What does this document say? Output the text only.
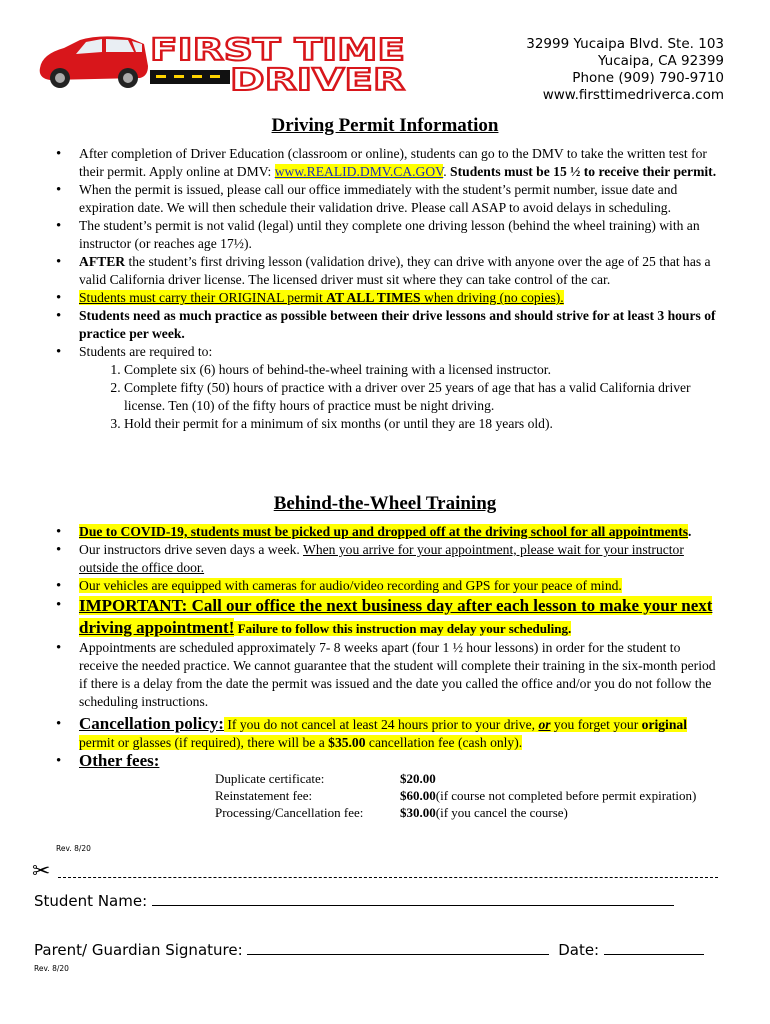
FIRST TIME
DRIVER
32999 Yucaipa Blvd. Ste. 103
Yucaipa, CA 92399
Phone (909) 790-9710
www.firsttimedriverca.com
Driving Permit Information
• After completion of Driver Education (classroom or online), students can go to the DMV to take the written test for their permit. Apply online at DMV: www.REALID.DMV.CA.GOV. Students must be 15 ½ to receive their permit.
• When the permit is issued, please call our office immediately with the student’s permit number, issue date and expiration date. We will then schedule their validation drive. Please call ASAP to avoid delays in scheduling.
• The student’s permit is not valid (legal) until they complete one driving lesson (behind the wheel training) with an instructor (or reaches age 17½).
• AFTER the student’s first driving lesson (validation drive), they can drive with anyone over the age of 25 that has a valid California driver license. The licensed driver must sit where they can take control of the car.
• Students must carry their ORIGINAL permit AT ALL TIMES when driving (no copies).
• Students need as much practice as possible between their drive lessons and should strive for at least 3 hours of practice per week.
• Students are required to:
1. Complete six (6) hours of behind-the-wheel training with a licensed instructor.
2. Complete fifty (50) hours of practice with a driver over 25 years of age that has a valid California driver license. Ten (10) of the fifty hours of practice must be night driving.
3. Hold their permit for a minimum of six months (or until they are 18 years old).
Behind-the-Wheel Training
• Due to COVID-19, students must be picked up and dropped off at the driving school for all appointments.
• Our instructors drive seven days a week. When you arrive for your appointment, please wait for your instructor outside the office door.
• Our vehicles are equipped with cameras for audio/video recording and GPS for your peace of mind.
• IMPORTANT: Call our office the next business day after each lesson to make your next driving appointment! Failure to follow this instruction may delay your scheduling.
• Appointments are scheduled approximately 7- 8 weeks apart (four 1 ½ hour lessons) in order for the student to receive the needed practice. We cannot guarantee that the student will complete their training in the six-month period if there is a delay from the date the permit was issued and the date you called the office and/or you do not follow the scheduling instructions.
• Cancellation policy: If you do not cancel at least 24 hours prior to your drive, or you forget your original permit or glasses (if required), there will be a $35.00 cancellation fee (cash only).
• Other fees:
Duplicate certificate:	$20.00
Reinstatement fee:	$60.00 (if course not completed before permit expiration)
Processing/Cancellation fee:	$30.00 (if you cancel the course)
Rev. 8/20
✂
Student Name:
Parent/ Guardian Signature:	Date:
Rev. 8/20
